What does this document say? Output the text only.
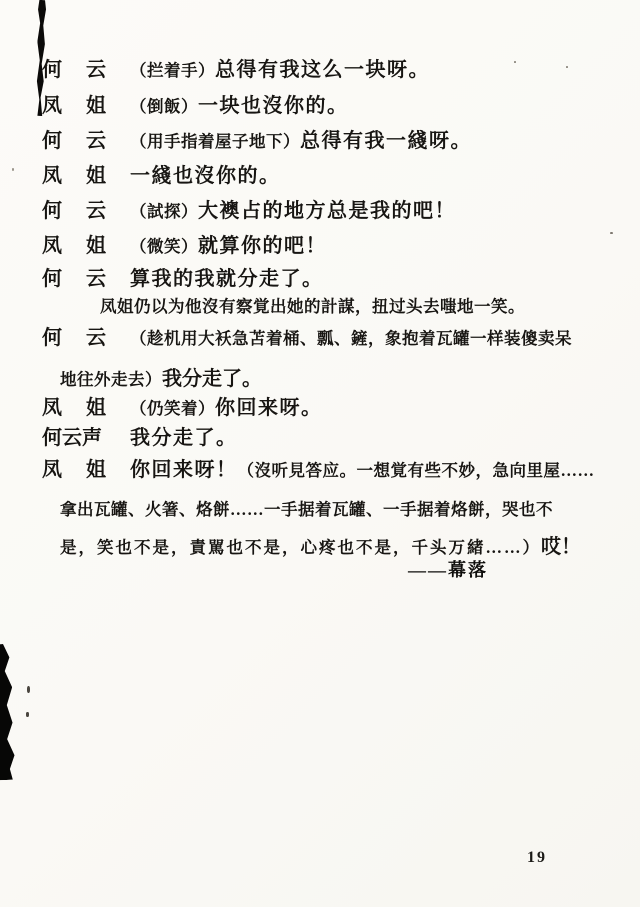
何　云 （拦着手）总得有我这么一块呀。
凤　姐 （倒飯）一块也沒你的。
何　云 （用手指着屋子地下）总得有我一綫呀。
凤　姐 一綫也沒你的。
何　云 （試探）大襖占的地方总是我的吧！
凤　姐 （微笑）就算你的吧！
何　云 算我的我就分走了。
凤姐仍以为他沒有察覚出她的計謀，扭过头去嗤地一笑。
何　云 （趁机用大袄急苫着桶、瓢、鏟，象抱着瓦罐一样装傻卖呆
地往外走去）我分走了。
凤　姐 （仍笑着）你回来呀。
何云声 我分走了。
凤　姐 你回来呀！（沒听見答应。一想覚有些不妙，急向里屋……
拿出瓦罐、火箸、烙餅……一手据着瓦罐、一手据着烙餅，哭也不
是，笑也不是，責駡也不是，心疼也不是，千头万緒……）哎！
——幕落
19
